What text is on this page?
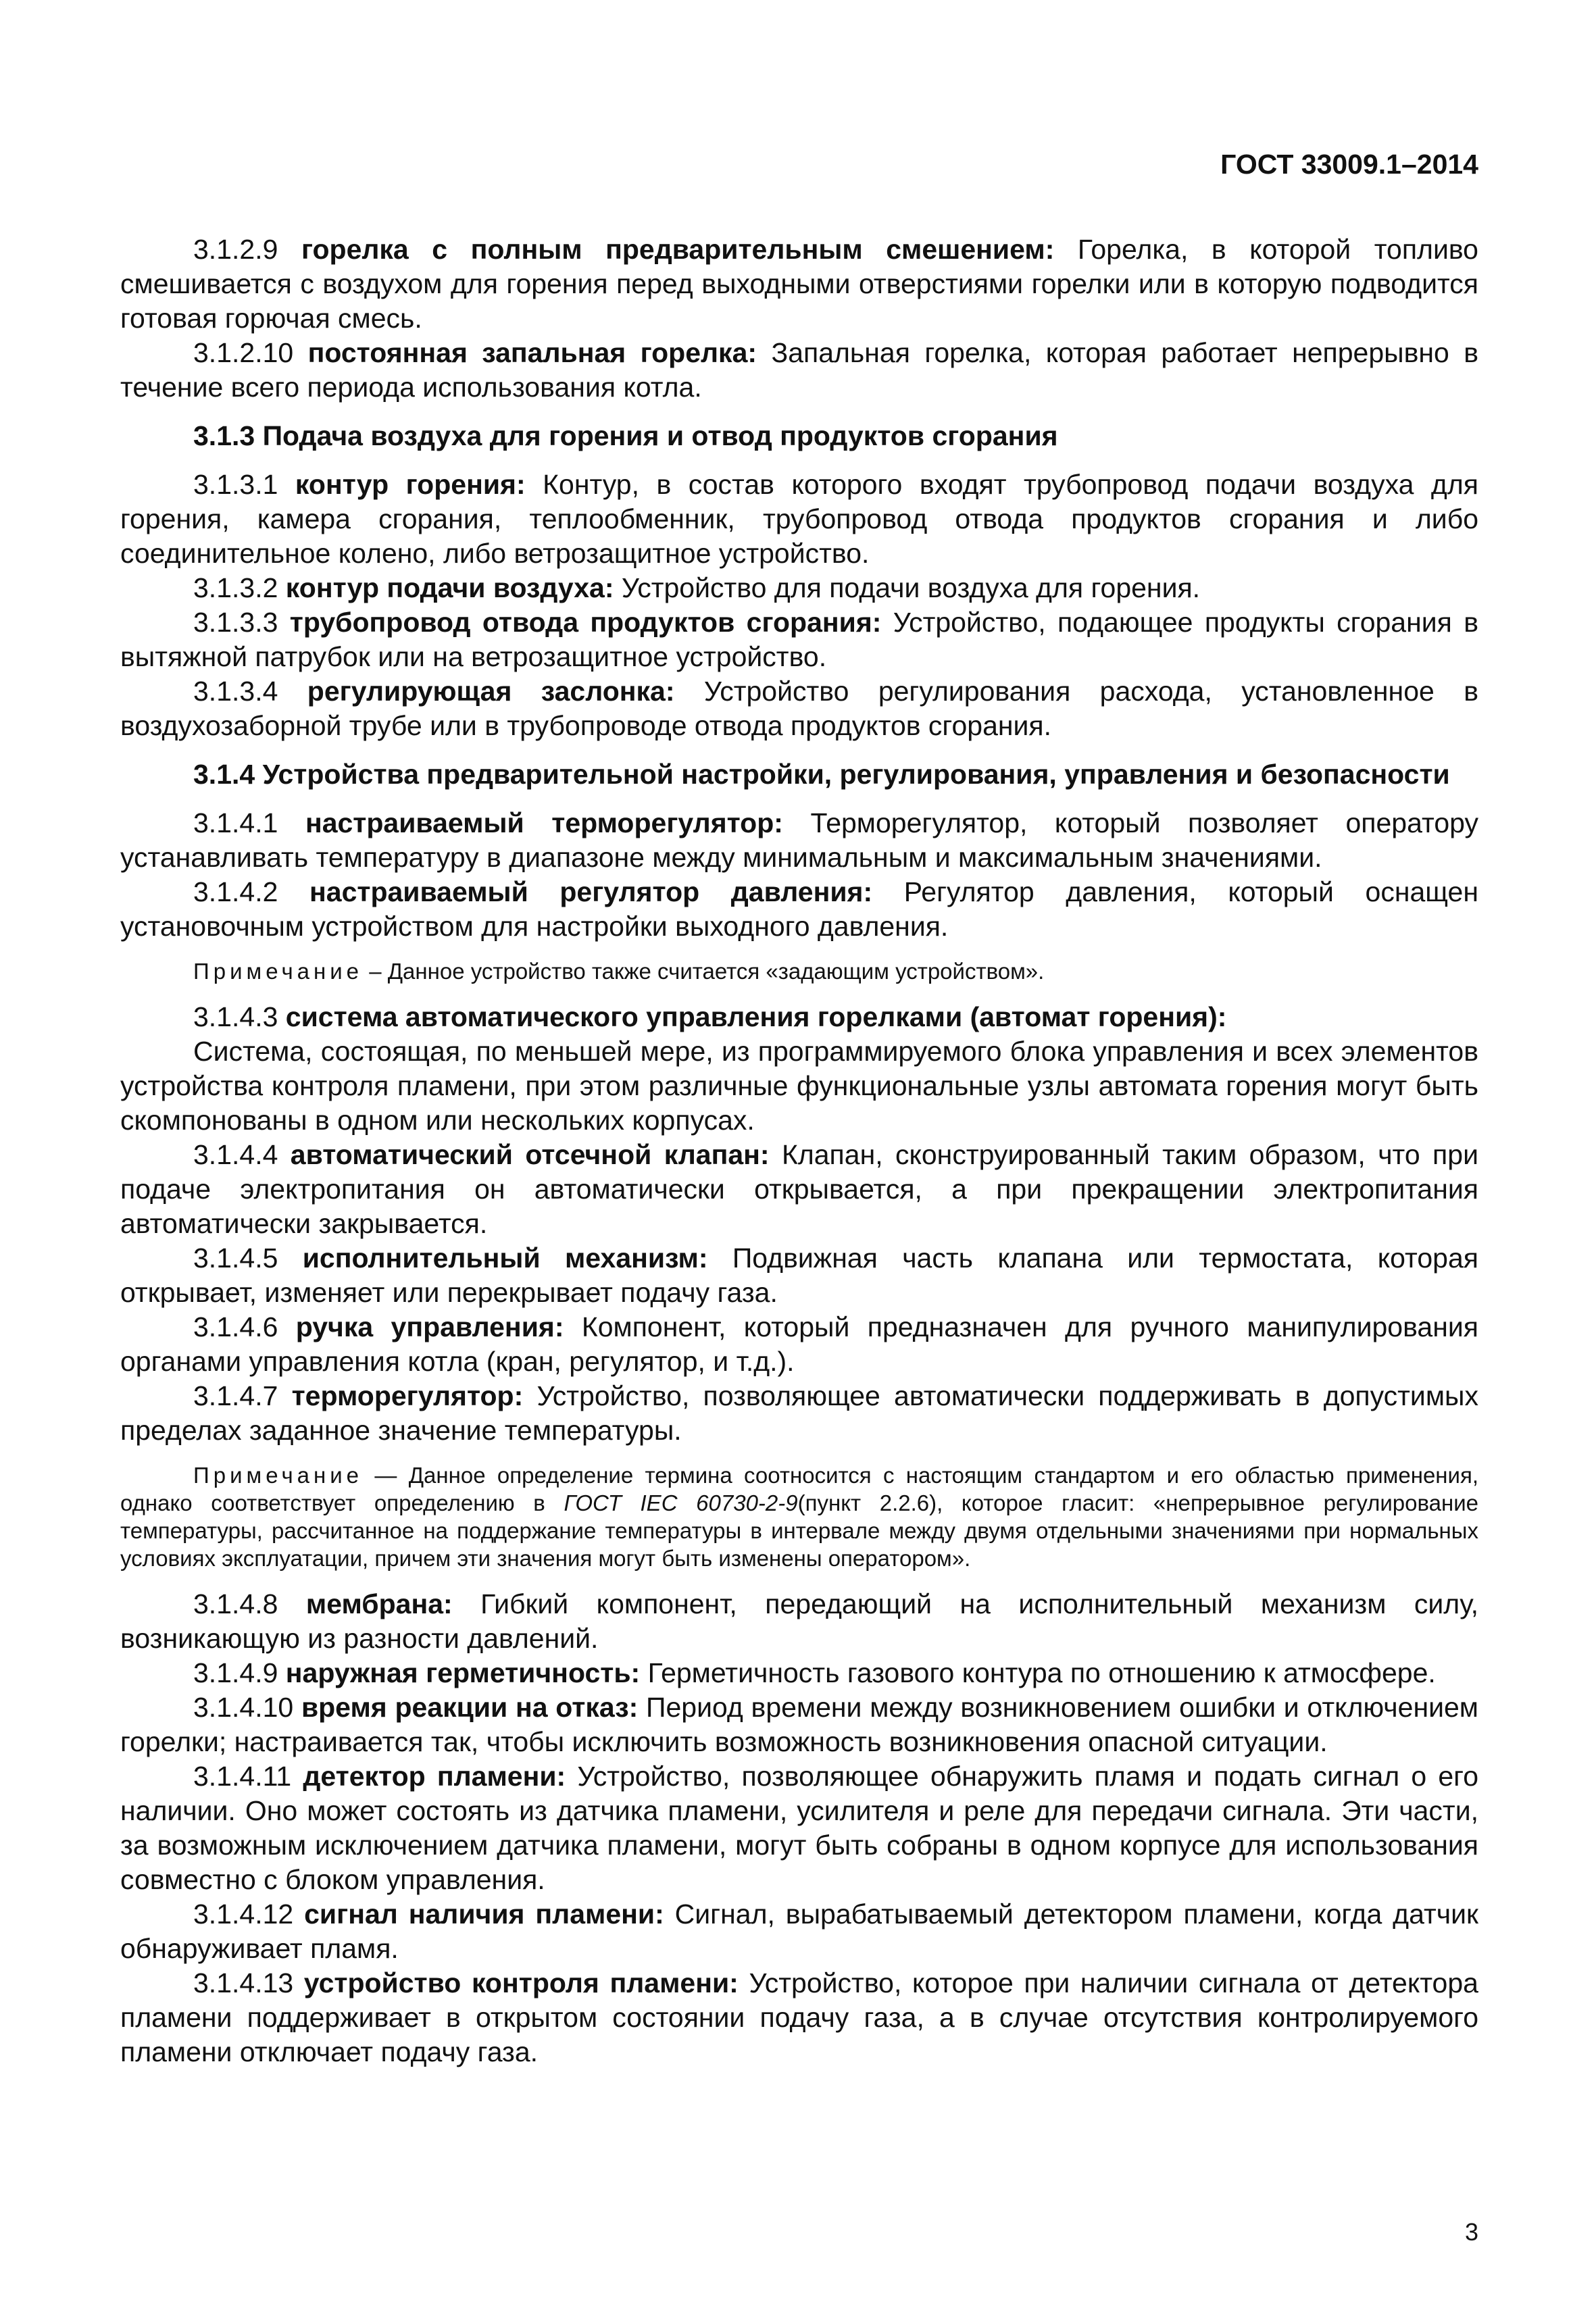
ГОСТ 33009.1–2014

3.1.2.9 горелка с полным предварительным смешением: Горелка, в которой топливо смешивается с воздухом для горения перед выходными отверстиями горелки или в которую подводится готовая горючая смесь.

3.1.2.10 постоянная запальная горелка: Запальная горелка, которая работает непрерывно в течение всего периода использования котла.

3.1.3 Подача воздуха для горения и отвод продуктов сгорания

3.1.3.1 контур горения: Контур, в состав которого входят трубопровод подачи воздуха для горения, камера сгорания, теплообменник, трубопровод отвода продуктов сгорания и либо соединительное колено, либо ветрозащитное устройство.

3.1.3.2 контур подачи воздуха: Устройство для подачи воздуха для горения.

3.1.3.3 трубопровод отвода продуктов сгорания: Устройство, подающее продукты сгорания в вытяжной патрубок или на ветрозащитное устройство.

3.1.3.4 регулирующая заслонка: Устройство регулирования расхода, установленное в воздухозаборной трубе или в трубопроводе отвода продуктов сгорания.

3.1.4 Устройства предварительной настройки, регулирования, управления и безопасности

3.1.4.1 настраиваемый терморегулятор: Терморегулятор, который позволяет оператору устанавливать температуру в диапазоне между минимальным и максимальным значениями.

3.1.4.2 настраиваемый регулятор давления: Регулятор давления, который оснащен установочным устройством для настройки выходного давления.

Примечание – Данное устройство также считается «задающим устройством».

3.1.4.3 система автоматического управления горелками (автомат горения):

Система, состоящая, по меньшей мере, из программируемого блока управления и всех элементов устройства контроля пламени, при этом различные функциональные узлы автомата горения могут быть скомпонованы в одном или нескольких корпусах.

3.1.4.4 автоматический отсечной клапан: Клапан, сконструированный таким образом, что при подаче электропитания он автоматически открывается, а при прекращении электропитания автоматически закрывается.

3.1.4.5 исполнительный механизм: Подвижная часть клапана или термостата, которая открывает, изменяет или перекрывает подачу газа.

3.1.4.6 ручка управления: Компонент, который предназначен для ручного манипулирования органами управления котла (кран, регулятор, и т.д.).

3.1.4.7 терморегулятор: Устройство, позволяющее автоматически поддерживать в допустимых пределах заданное значение температуры.

Примечание — Данное определение термина соотносится с настоящим стандартом и его областью применения, однако соответствует определению в ГОСТ IEC 60730-2-9(пункт 2.2.6), которое гласит: «непрерывное регулирование температуры, рассчитанное на поддержание температуры в интервале между двумя отдельными значениями при нормальных условиях эксплуатации, причем эти значения могут быть изменены оператором».

3.1.4.8 мембрана: Гибкий компонент, передающий на исполнительный механизм силу, возникающую из разности давлений.

3.1.4.9 наружная герметичность: Герметичность газового контура по отношению к атмосфере.

3.1.4.10 время реакции на отказ: Период времени между возникновением ошибки и отключением горелки; настраивается так, чтобы исключить возможность возникновения опасной ситуации.

3.1.4.11 детектор пламени: Устройство, позволяющее обнаружить пламя и подать сигнал о его наличии. Оно может состоять из датчика пламени, усилителя и реле для передачи сигнала. Эти части, за возможным исключением датчика пламени, могут быть собраны в одном корпусе для использования совместно с блоком управления.

3.1.4.12 сигнал наличия пламени: Сигнал, вырабатываемый детектором пламени, когда датчик обнаруживает пламя.

3.1.4.13 устройство контроля пламени: Устройство, которое при наличии сигнала от детектора пламени поддерживает в открытом состоянии подачу газа, а в случае отсутствия контролируемого пламени отключает подачу газа.

3
